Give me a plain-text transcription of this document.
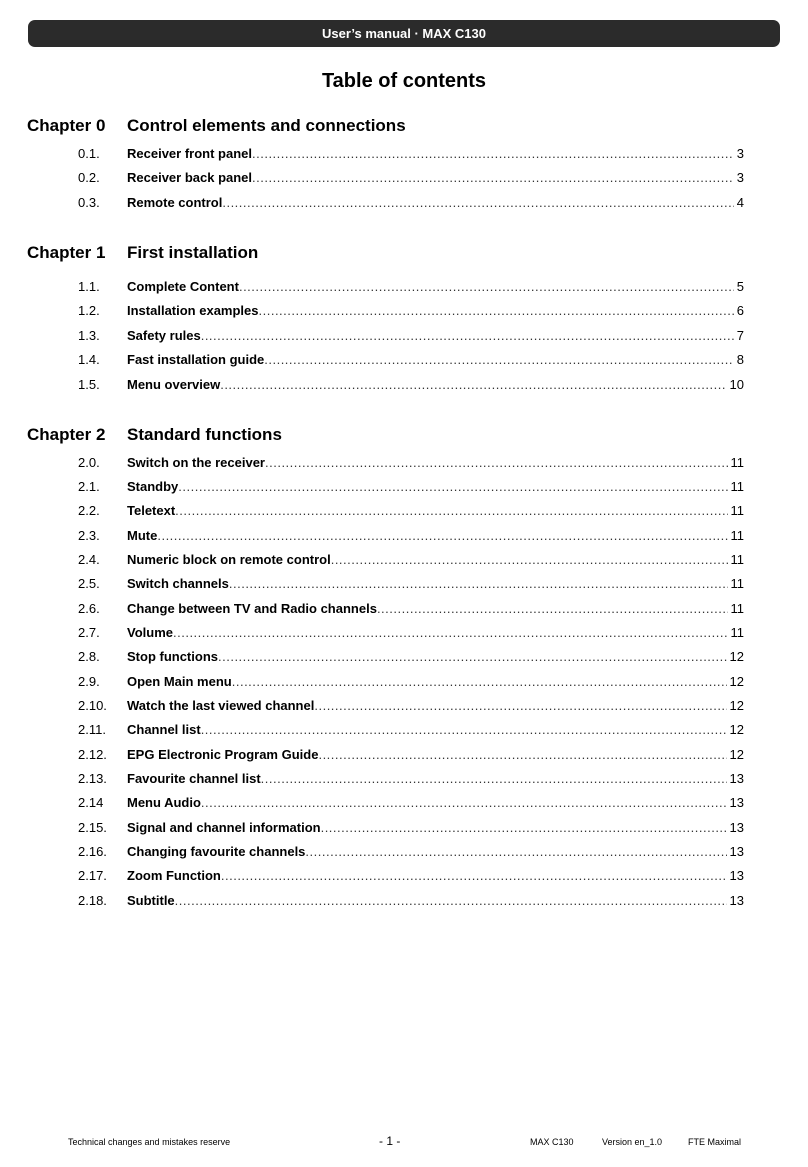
User’s manual · MAX C130
Table of contents
Chapter 0 Control elements and connections
0.1. Receiver front panel .....	3
0.2. Receiver back panel .....	3
0.3. Remote control .....	4
Chapter 1 First installation
1.1. Complete Content .....	5
1.2. Installation examples .....	6
1.3. Safety rules .....	7
1.4. Fast installation guide .....	8
1.5. Menu overview .....	10
Chapter 2 Standard functions
2.0. Switch on the receiver .....	11
2.1. Standby .....	11
2.2. Teletext .....	11
2.3. Mute .....	11
2.4. Numeric block on remote control .....	11
2.5. Switch channels .....	11
2.6. Change between TV and Radio channels .....	11
2.7. Volume .....	11
2.8. Stop functions .....	12
2.9. Open Main menu .....	12
2.10. Watch the last viewed channel .....	12
2.11. Channel list .....	12
2.12. EPG Electronic Program Guide .....	12
2.13. Favourite channel list .....	13
2.14 Menu Audio .....	13
2.15. Signal and channel information .....	13
2.16. Changing favourite channels .....	13
2.17. Zoom Function .....	13
2.18. Subtitle .....	13
Technical changes and mistakes reserve	- 1 -	MAX C130	Version en_1.0	FTE Maximal
